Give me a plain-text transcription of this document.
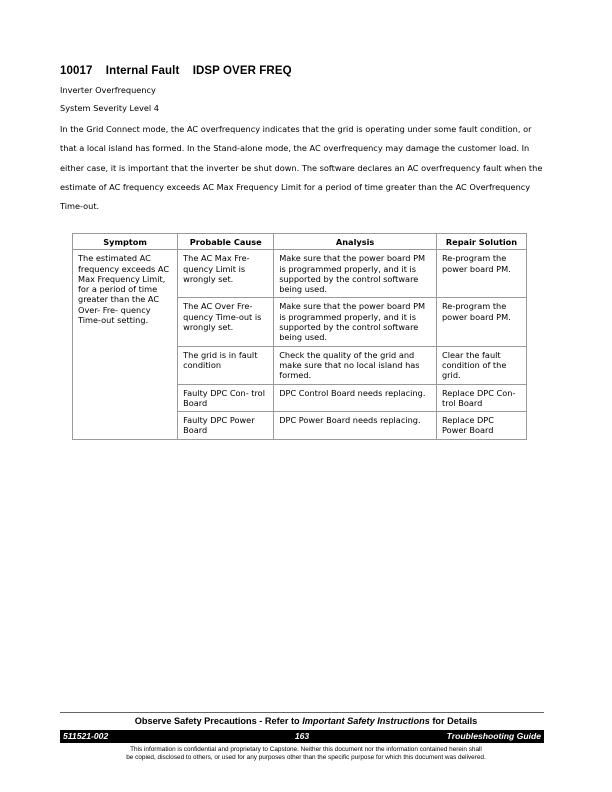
10017 Internal Fault IDSP OVER FREQ
Inverter Overfrequency
System Severity Level 4
In the Grid Connect mode, the AC overfrequency indicates that the grid is operating under some fault condition, or that a local island has formed. In the Stand-alone mode, the AC overfrequency may damage the customer load. In either case, it is important that the inverter be shut down. The software declares an AC overfrequency fault when the estimate of AC frequency exceeds AC Max Frequency Limit for a period of time greater than the AC Overfrequency Time-out.
Symptom	Probable Cause	Analysis	Repair Solution
The estimated AC frequency exceeds AC Max Frequency Limit, for a period of time greater than the AC Over- Fre- quency Time-out setting.	The AC Max Fre- quency Limit is wrongly set.	Make sure that the power board PM is programmed properly, and it is supported by the control software being used.	Re-program the power board PM.
	The AC Over Fre- quency Time-out is wrongly set.	Make sure that the power board PM is programmed properly, and it is supported by the control software being used.	Re-program the power board PM.
	The grid is in fault condition	Check the quality of the grid and make sure that no local island has formed.	Clear the fault condition of the grid.
	Faulty DPC Con- trol Board	DPC Control Board needs replacing.	Replace DPC Con- trol Board
	Faulty DPC Power Board	DPC Power Board needs replacing.	Replace DPC Power Board
Observe Safety Precautions - Refer to Important Safety Instructions for Details
511521-002	163	Troubleshooting Guide
This information is confidential and proprietary to Capstone. Neither this document nor the information contained herein shall
be copied, disclosed to others, or used for any purposes other than the specific purpose for which this document was delivered.
